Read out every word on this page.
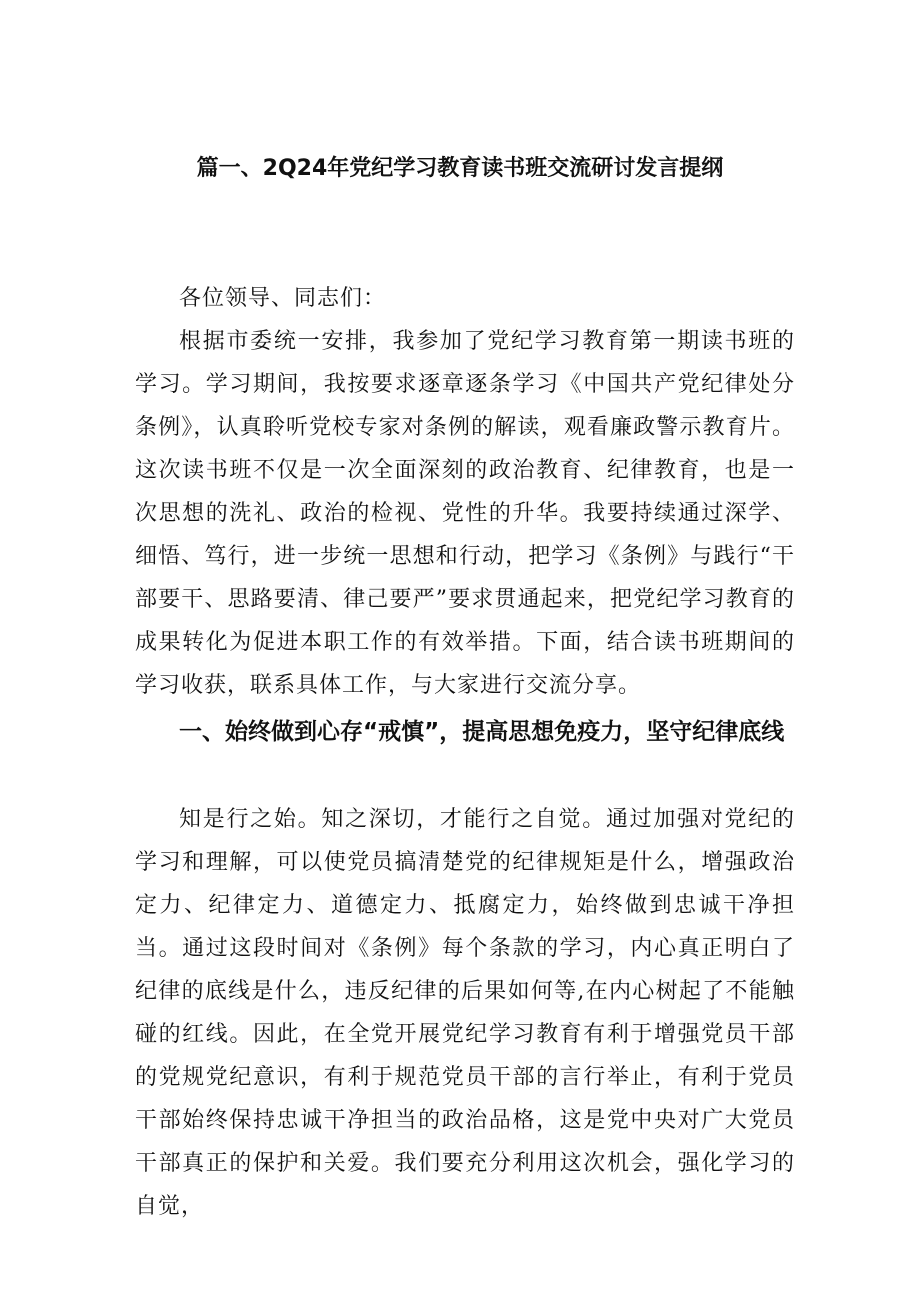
篇一、2Q24年党纪学习教育读书班交流研讨发言提纲
各位领导、同志们：
根据市委统一安排，我参加了党纪学习教育第一期读书班的学习。学习期间，我按要求逐章逐条学习《中国共产党纪律处分条例》，认真聆听党校专家对条例的解读，观看廉政警示教育片。这次读书班不仅是一次全面深刻的政治教育、纪律教育，也是一次思想的洗礼、政治的检视、党性的升华。我要持续通过深学、细悟、笃行，进一步统一思想和行动，把学习《条例》与践行“干部要干、思路要清、律己要严”要求贯通起来，把党纪学习教育的成果转化为促进本职工作的有效举措。下面，结合读书班期间的学习收获，联系具体工作，与大家进行交流分享。
一、始终做到心存“戒慎”，提高思想免疫力，坚守纪律底线
知是行之始。知之深切，才能行之自觉。通过加强对党纪的学习和理解，可以使党员搞清楚党的纪律规矩是什么，增强政治定力、纪律定力、道德定力、抵腐定力，始终做到忠诚干净担当。通过这段时间对《条例》每个条款的学习，内心真正明白了纪律的底线是什么，违反纪律的后果如何等,在内心树起了不能触碰的红线。因此，在全党开展党纪学习教育有利于增强党员干部的党规党纪意识，有利于规范党员干部的言行举止，有利于党员干部始终保持忠诚干净担当的政治品格，这是党中央对广大党员干部真正的保护和关爱。我们要充分利用这次机会，强化学习的自觉，
